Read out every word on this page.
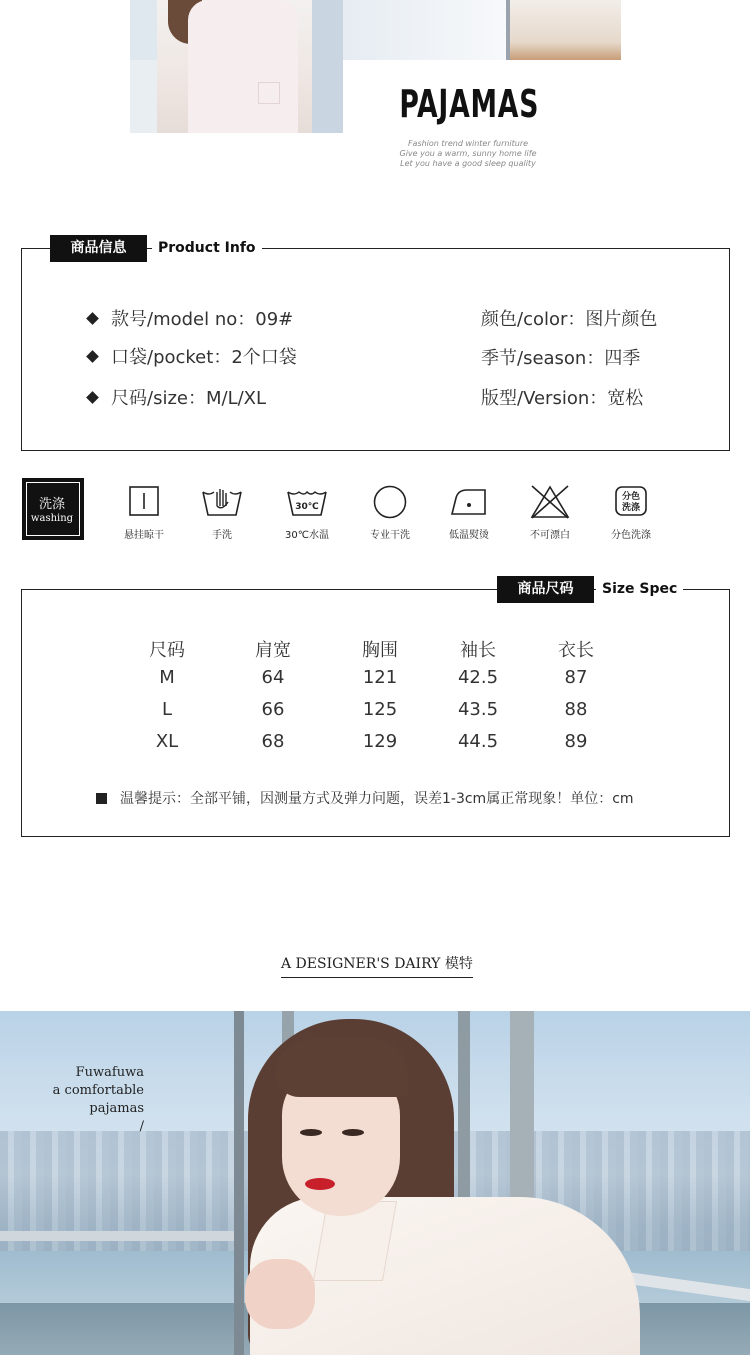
PAJAMAS
Fashion trend winter furniture
Give you a warm, sunny home life
Let you have a good sleep quality
商品信息	Product Info
款号/model no：09#	颜色/color：图片颜色
口袋/pocket：2个口袋	季节/season：四季
尺码/size：M/L/XL	版型/Version：宽松
洗涤
washing
悬挂晾干	手洗
30℃
30℃水温	专业干洗	低温熨烫	不可漂白
分色
洗涤
分色洗涤
商品尺码	Size Spec
尺码	肩宽	胸围	袖长	衣长
M	64	121	42.5	87
L	66	125	43.5	88
XL	68	129	44.5	89
温馨提示：全部平铺，因测量方式及弹力问题，误差1-3cm属正常现象！单位：cm
A DESIGNER'S DAIRY 模特
Fuwafuwa
a comfortable
pajamas
/
